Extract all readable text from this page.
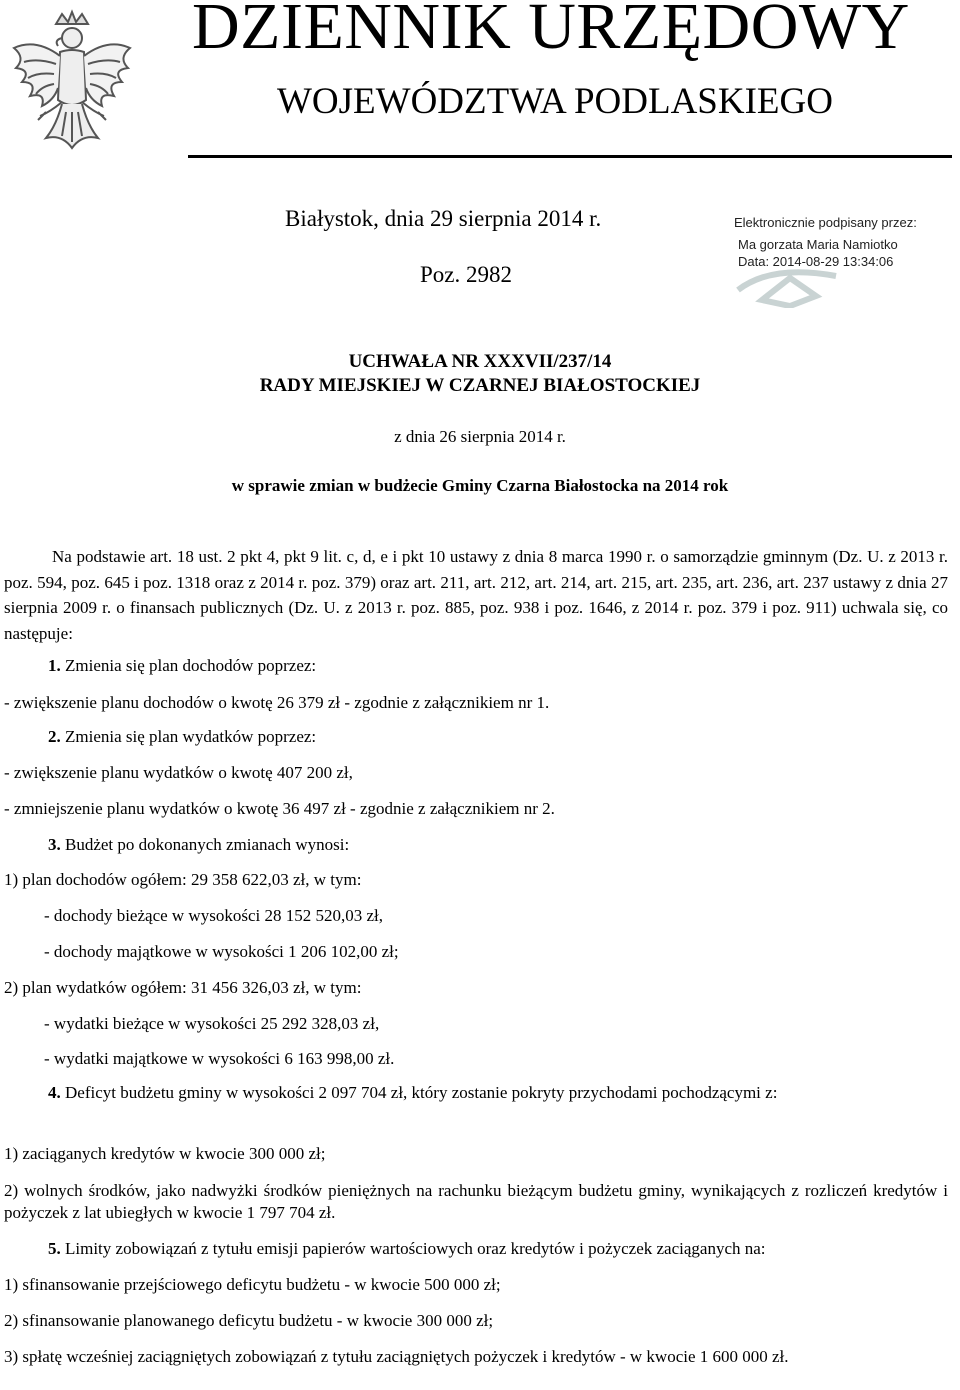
DZIENNIK URZĘDOWY
WOJEWÓDZTWA PODLASKIEGO
Białystok, dnia 29 sierpnia 2014 r.
Poz. 2982
Elektronicznie podpisany przez:
Ma gorzata Maria Namiotko
Data: 2014-08-29 13:34:06
UCHWAŁA NR XXXVII/237/14
RADY MIEJSKIEJ W CZARNEJ BIAŁOSTOCKIEJ
z dnia 26 sierpnia 2014 r.
w sprawie zmian w budżecie Gminy Czarna Białostocka na 2014 rok
Na podstawie art. 18 ust. 2 pkt 4, pkt 9 lit. c, d, e i pkt 10 ustawy z dnia 8 marca 1990 r. o samorządzie gminnym (Dz. U. z 2013 r. poz. 594, poz. 645 i poz. 1318 oraz z 2014 r. poz. 379) oraz art. 211, art. 212, art. 214, art. 215, art. 235, art. 236, art. 237 ustawy z dnia 27 sierpnia 2009 r. o finansach publicznych (Dz. U. z 2013 r. poz. 885, poz. 938 i poz. 1646, z 2014 r. poz. 379 i poz. 911) uchwala się, co następuje:
1. Zmienia się plan dochodów poprzez:
- zwiększenie planu dochodów o kwotę 26 379 zł - zgodnie z załącznikiem nr 1.
2. Zmienia się plan wydatków poprzez:
- zwiększenie planu wydatków o kwotę 407 200 zł,
- zmniejszenie planu wydatków o kwotę 36 497 zł - zgodnie z załącznikiem nr 2.
3. Budżet po dokonanych zmianach wynosi:
1) plan dochodów ogółem: 29 358 622,03 zł, w tym:
- dochody bieżące w wysokości 28 152 520,03 zł,
- dochody majątkowe w wysokości 1 206 102,00 zł;
2) plan wydatków ogółem: 31 456 326,03 zł, w tym:
- wydatki bieżące w wysokości 25 292 328,03 zł,
- wydatki majątkowe w wysokości 6 163 998,00 zł.
4. Deficyt budżetu gminy w wysokości 2 097 704 zł, który zostanie pokryty przychodami pochodzącymi z:
1) zaciąganych kredytów w kwocie 300 000 zł;
2) wolnych środków, jako nadwyżki środków pieniężnych na rachunku bieżącym budżetu gminy, wynikających z rozliczeń kredytów i pożyczek z lat ubiegłych w kwocie 1 797 704 zł.
5. Limity zobowiązań z tytułu emisji papierów wartościowych oraz kredytów i pożyczek zaciąganych na:
1) sfinansowanie przejściowego deficytu budżetu - w kwocie 500 000 zł;
2) sfinansowanie planowanego deficytu budżetu - w kwocie 300 000 zł;
3) spłatę wcześniej zaciągniętych zobowiązań z tytułu zaciągniętych pożyczek i kredytów - w kwocie 1 600 000 zł.
